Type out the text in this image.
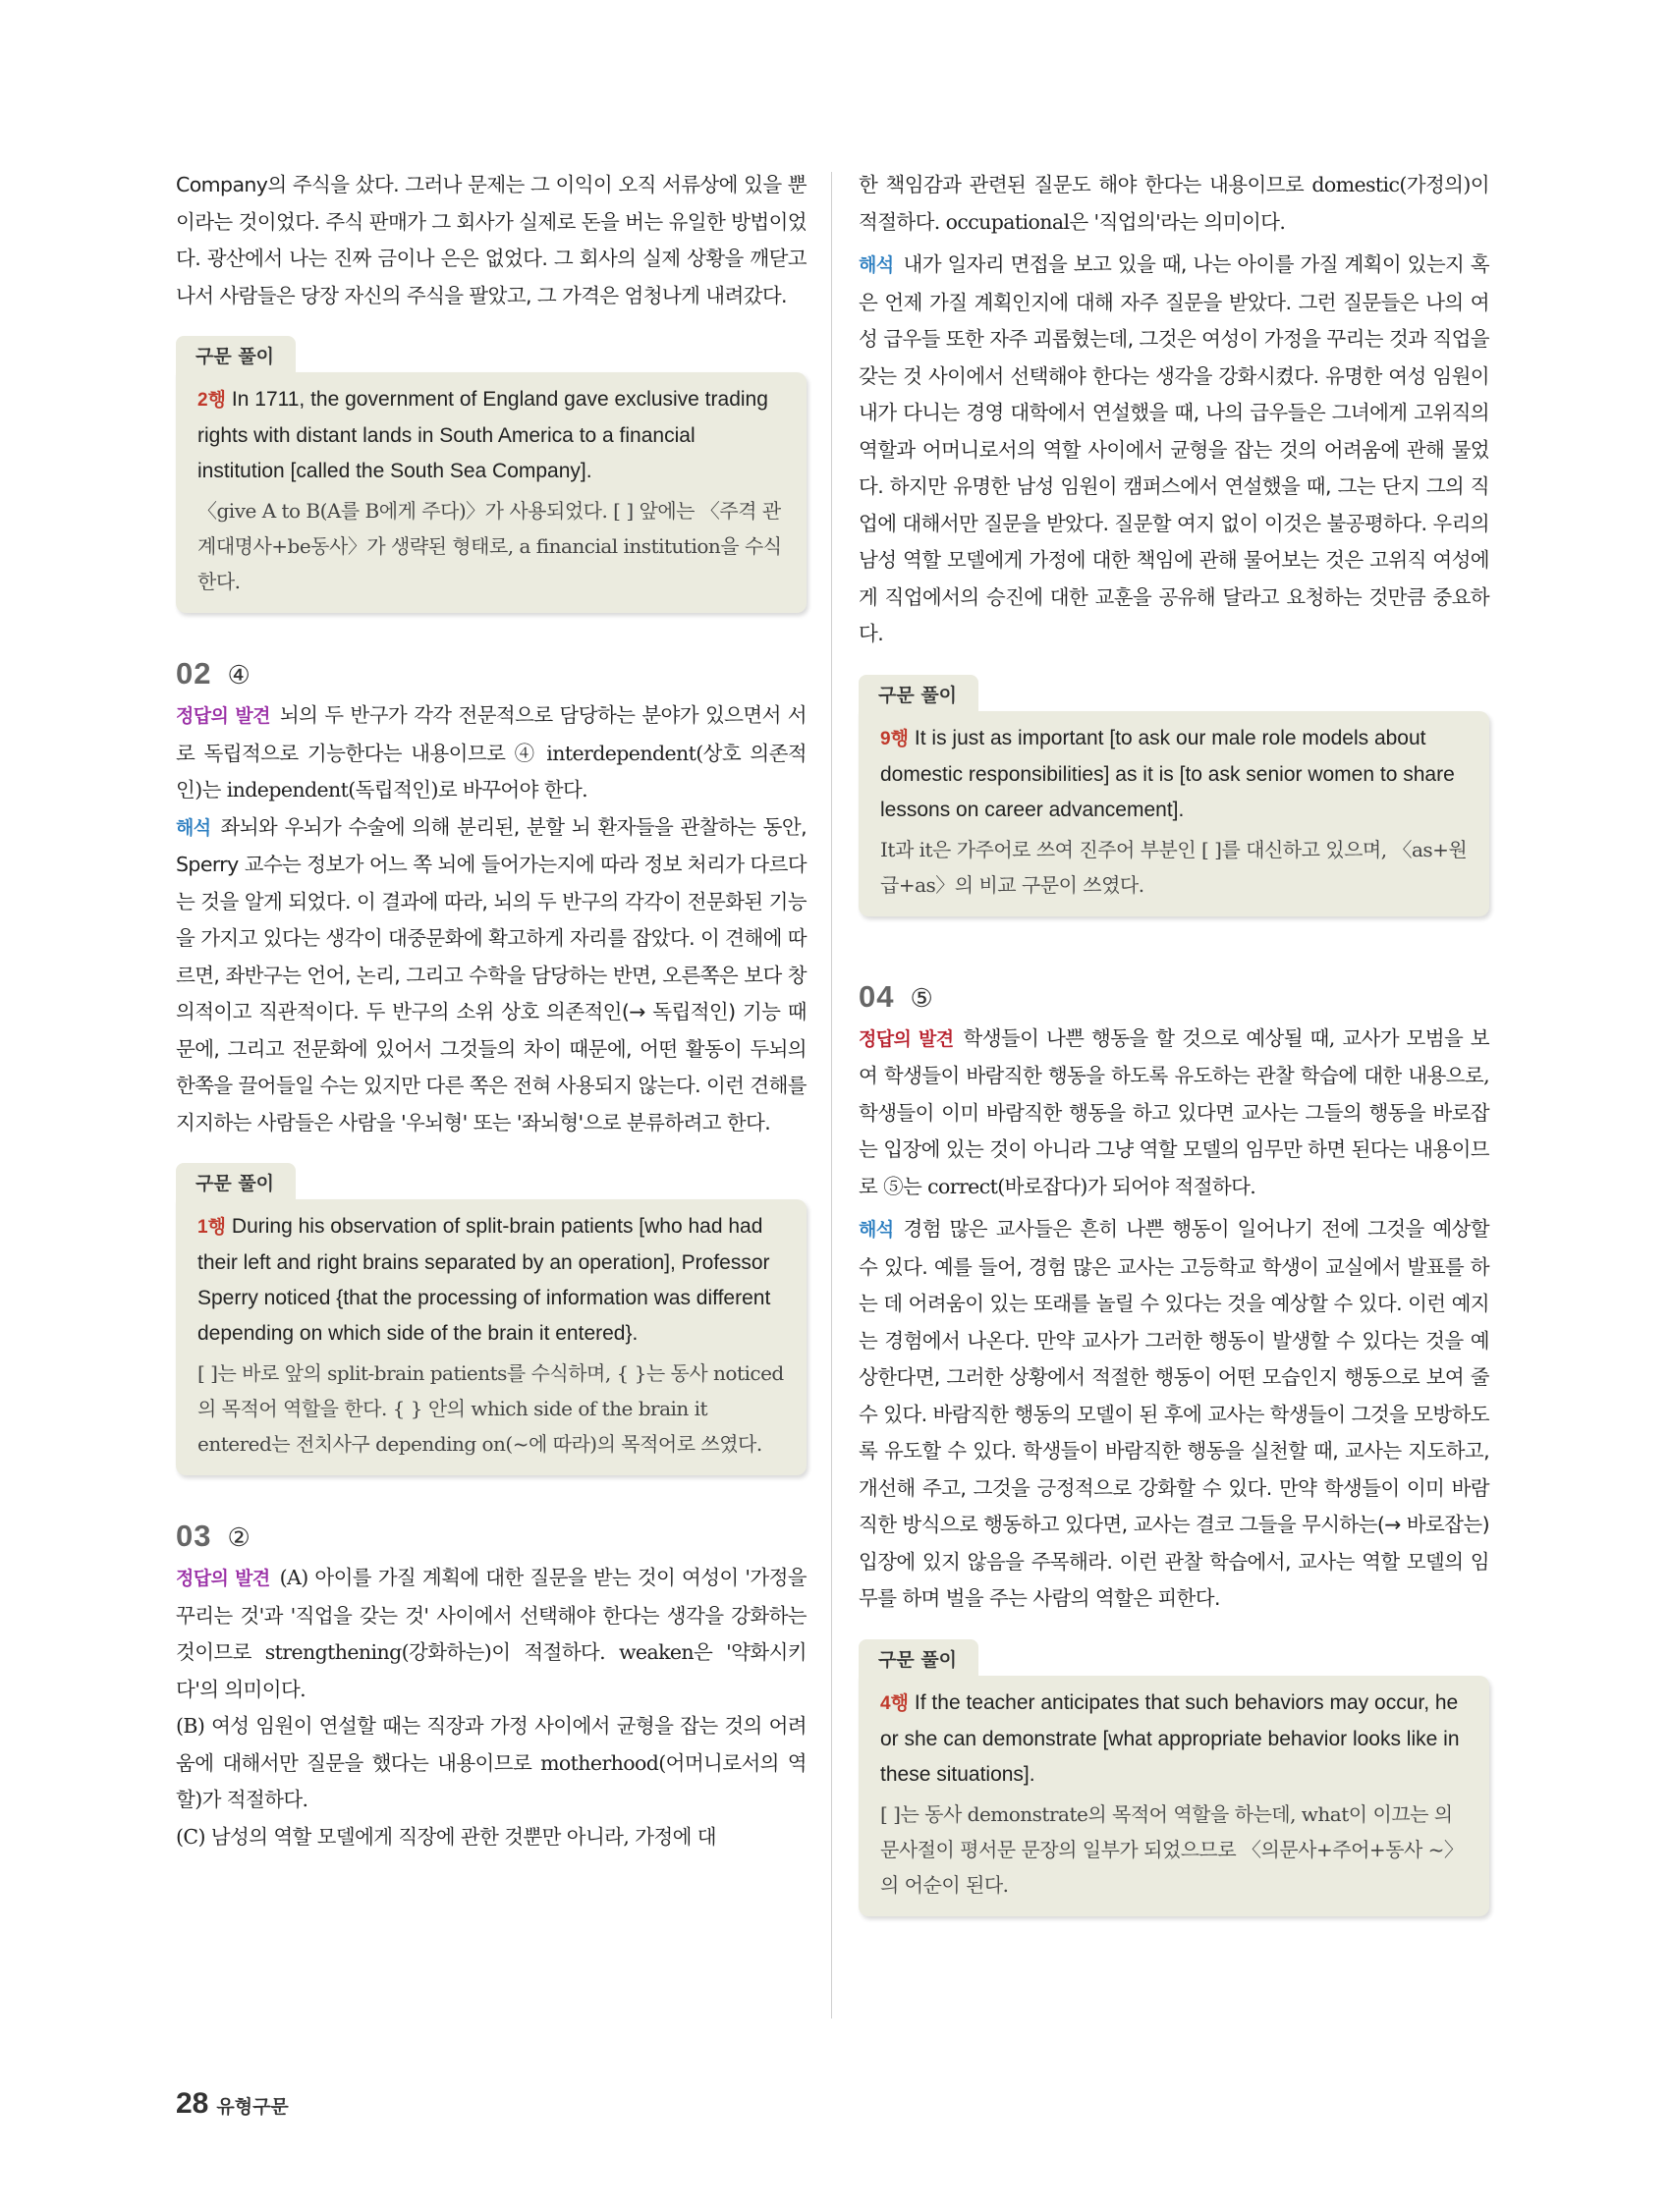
Company의 주식을 샀다. 그러나 문제는 그 이익이 오직 서류상에 있을 뿐이라는 것이었다. 주식 판매가 그 회사가 실제로 돈을 버는 유일한 방법이었다. 광산에서 나는 진짜 금이나 은은 없었다. 그 회사의 실제 상황을 깨닫고 나서 사람들은 당장 자신의 주식을 팔았고, 그 가격은 엄청나게 내려갔다.

구문 풀이

2행 In 1711, the government of England gave exclusive trading rights with distant lands in South America to a financial institution [called the South Sea Company].

〈give A to B(A를 B에게 주다)〉가 사용되었다. [ ] 앞에는 〈주격 관계대명사+be동사〉가 생략된 형태로, a financial institution을 수식한다.

02 ④

정답의 발견 뇌의 두 반구가 각각 전문적으로 담당하는 분야가 있으면서 서로 독립적으로 기능한다는 내용이므로 ④ interdependent(상호 의존적인)는 independent(독립적인)로 바꾸어야 한다.

해석 좌뇌와 우뇌가 수술에 의해 분리된, 분할 뇌 환자들을 관찰하는 동안, Sperry 교수는 정보가 어느 쪽 뇌에 들어가는지에 따라 정보 처리가 다르다는 것을 알게 되었다. 이 결과에 따라, 뇌의 두 반구의 각각이 전문화된 기능을 가지고 있다는 생각이 대중문화에 확고하게 자리를 잡았다. 이 견해에 따르면, 좌반구는 언어, 논리, 그리고 수학을 담당하는 반면, 오른쪽은 보다 창의적이고 직관적이다. 두 반구의 소위 상호 의존적인(→ 독립적인) 기능 때문에, 그리고 전문화에 있어서 그것들의 차이 때문에, 어떤 활동이 두뇌의 한쪽을 끌어들일 수는 있지만 다른 쪽은 전혀 사용되지 않는다. 이런 견해를 지지하는 사람들은 사람을 '우뇌형' 또는 '좌뇌형'으로 분류하려고 한다.

구문 풀이

1행 During his observation of split-brain patients [who had had their left and right brains separated by an operation], Professor Sperry noticed {that the processing of information was different depending on which side of the brain it entered}.

[ ]는 바로 앞의 split-brain patients를 수식하며, { }는 동사 noticed의 목적어 역할을 한다. { } 안의 which side of the brain it entered는 전치사구 depending on(~에 따라)의 목적어로 쓰였다.

03 ②

정답의 발견 (A) 아이를 가질 계획에 대한 질문을 받는 것이 여성이 '가정을 꾸리는 것'과 '직업을 갖는 것' 사이에서 선택해야 한다는 생각을 강화하는 것이므로 strengthening(강화하는)이 적절하다. weaken은 '약화시키다'의 의미이다.

(B) 여성 임원이 연설할 때는 직장과 가정 사이에서 균형을 잡는 것의 어려움에 대해서만 질문을 했다는 내용이므로 motherhood(어머니로서의 역할)가 적절하다.

(C) 남성의 역할 모델에게 직장에 관한 것뿐만 아니라, 가정에 대

한 책임감과 관련된 질문도 해야 한다는 내용이므로 domestic(가정의)이 적절하다. occupational은 '직업의'라는 의미이다.

해석 내가 일자리 면접을 보고 있을 때, 나는 아이를 가질 계획이 있는지 혹은 언제 가질 계획인지에 대해 자주 질문을 받았다. 그런 질문들은 나의 여성 급우들 또한 자주 괴롭혔는데, 그것은 여성이 가정을 꾸리는 것과 직업을 갖는 것 사이에서 선택해야 한다는 생각을 강화시켰다. 유명한 여성 임원이 내가 다니는 경영 대학에서 연설했을 때, 나의 급우들은 그녀에게 고위직의 역할과 어머니로서의 역할 사이에서 균형을 잡는 것의 어려움에 관해 물었다. 하지만 유명한 남성 임원이 캠퍼스에서 연설했을 때, 그는 단지 그의 직업에 대해서만 질문을 받았다. 질문할 여지 없이 이것은 불공평하다. 우리의 남성 역할 모델에게 가정에 대한 책임에 관해 물어보는 것은 고위직 여성에게 직업에서의 승진에 대한 교훈을 공유해 달라고 요청하는 것만큼 중요하다.

구문 풀이

9행 It is just as important [to ask our male role models about domestic responsibilities] as it is [to ask senior women to share lessons on career advancement].

It과 it은 가주어로 쓰여 진주어 부분인 [ ]를 대신하고 있으며, 〈as+원급+as〉의 비교 구문이 쓰였다.

04 ⑤

정답의 발견 학생들이 나쁜 행동을 할 것으로 예상될 때, 교사가 모범을 보여 학생들이 바람직한 행동을 하도록 유도하는 관찰 학습에 대한 내용으로, 학생들이 이미 바람직한 행동을 하고 있다면 교사는 그들의 행동을 바로잡는 입장에 있는 것이 아니라 그냥 역할 모델의 임무만 하면 된다는 내용이므로 ⑤는 correct(바로잡다)가 되어야 적절하다.

해석 경험 많은 교사들은 흔히 나쁜 행동이 일어나기 전에 그것을 예상할 수 있다. 예를 들어, 경험 많은 교사는 고등학교 학생이 교실에서 발표를 하는 데 어려움이 있는 또래를 놀릴 수 있다는 것을 예상할 수 있다. 이런 예지는 경험에서 나온다. 만약 교사가 그러한 행동이 발생할 수 있다는 것을 예상한다면, 그러한 상황에서 적절한 행동이 어떤 모습인지 행동으로 보여 줄 수 있다. 바람직한 행동의 모델이 된 후에 교사는 학생들이 그것을 모방하도록 유도할 수 있다. 학생들이 바람직한 행동을 실천할 때, 교사는 지도하고, 개선해 주고, 그것을 긍정적으로 강화할 수 있다. 만약 학생들이 이미 바람직한 방식으로 행동하고 있다면, 교사는 결코 그들을 무시하는(→ 바로잡는) 입장에 있지 않음을 주목해라. 이런 관찰 학습에서, 교사는 역할 모델의 임무를 하며 벌을 주는 사람의 역할은 피한다.

구문 풀이

4행 If the teacher anticipates that such behaviors may occur, he or she can demonstrate [what appropriate behavior looks like in these situations].

[ ]는 동사 demonstrate의 목적어 역할을 하는데, what이 이끄는 의문사절이 평서문 문장의 일부가 되었으므로 〈의문사+주어+동사 ~〉의 어순이 된다.

28 유형구문
